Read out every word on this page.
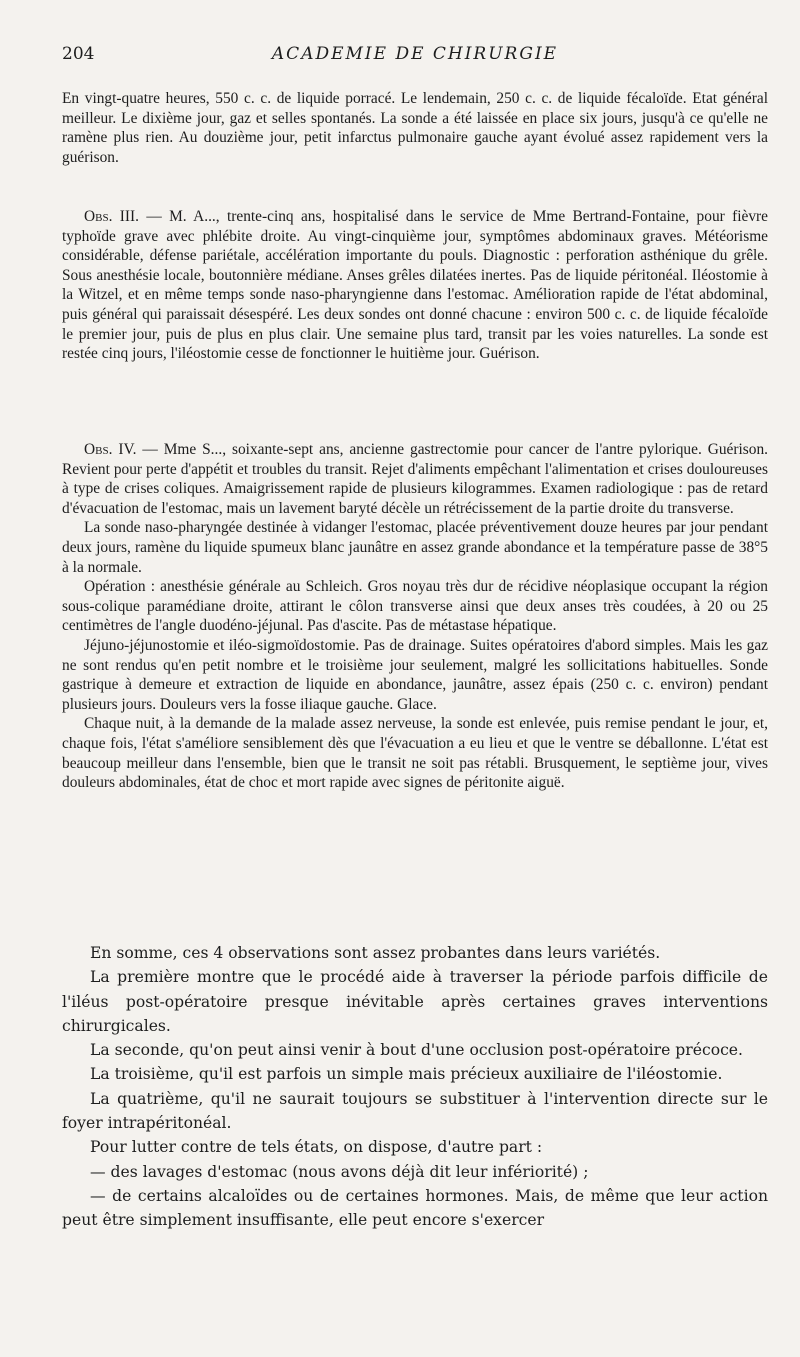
204	ACADEMIE DE CHIRURGIE

En vingt-quatre heures, 550 c. c. de liquide porracé. Le lendemain, 250 c. c. de liquide fécaloïde. Etat général meilleur. Le dixième jour, gaz et selles spontanés. La sonde a été laissée en place six jours, jusqu'à ce qu'elle ne ramène plus rien. Au douzième jour, petit infarctus pulmonaire gauche ayant évolué assez rapidement vers la guérison.

Obs. III. — M. A..., trente-cinq ans, hospitalisé dans le service de Mme Bertrand-Fontaine, pour fièvre typhoïde grave avec phlébite droite. Au vingt-cinquième jour, symptômes abdominaux graves. Météorisme considérable, défense pariétale, accélération importante du pouls. Diagnostic : perforation asthénique du grêle. Sous anesthésie locale, boutonnière médiane. Anses grêles dilatées inertes. Pas de liquide péritonéal. Iléostomie à la Witzel, et en même temps sonde naso-pharyngienne dans l'estomac. Amélioration rapide de l'état abdominal, puis général qui paraissait désespéré. Les deux sondes ont donné chacune : environ 500 c. c. de liquide fécaloïde le premier jour, puis de plus en plus clair. Une semaine plus tard, transit par les voies naturelles. La sonde est restée cinq jours, l'iléostomie cesse de fonctionner le huitième jour. Guérison.

Obs. IV. — Mme S..., soixante-sept ans, ancienne gastrectomie pour cancer de l'antre pylorique. Guérison. Revient pour perte d'appétit et troubles du transit. Rejet d'aliments empêchant l'alimentation et crises douloureuses à type de crises coliques. Amaigrissement rapide de plusieurs kilogrammes. Examen radiologique : pas de retard d'évacuation de l'estomac, mais un lavement baryté décèle un rétrécissement de la partie droite du transverse.

La sonde naso-pharyngée destinée à vidanger l'estomac, placée préventivement douze heures par jour pendant deux jours, ramène du liquide spumeux blanc jaunâtre en assez grande abondance et la température passe de 38°5 à la normale.

Opération : anesthésie générale au Schleich. Gros noyau très dur de récidive néoplasique occupant la région sous-colique paramédiane droite, attirant le côlon transverse ainsi que deux anses très coudées, à 20 ou 25 centimètres de l'angle duodéno-jéjunal. Pas d'ascite. Pas de métastase hépatique.

Jéjuno-jéjunostomie et iléo-sigmoïdostomie. Pas de drainage. Suites opératoires d'abord simples. Mais les gaz ne sont rendus qu'en petit nombre et le troisième jour seulement, malgré les sollicitations habituelles. Sonde gastrique à demeure et extraction de liquide en abondance, jaunâtre, assez épais (250 c. c. environ) pendant plusieurs jours. Douleurs vers la fosse iliaque gauche. Glace.

Chaque nuit, à la demande de la malade assez nerveuse, la sonde est enlevée, puis remise pendant le jour, et, chaque fois, l'état s'améliore sensiblement dès que l'évacuation a eu lieu et que le ventre se déballonne. L'état est beaucoup meilleur dans l'ensemble, bien que le transit ne soit pas rétabli. Brusquement, le septième jour, vives douleurs abdominales, état de choc et mort rapide avec signes de péritonite aiguë.

En somme, ces 4 observations sont assez probantes dans leurs variétés.

La première montre que le procédé aide à traverser la période parfois difficile de l'iléus post-opératoire presque inévitable après certaines graves interventions chirurgicales.

La seconde, qu'on peut ainsi venir à bout d'une occlusion post-opératoire précoce.

La troisième, qu'il est parfois un simple mais précieux auxiliaire de l'iléostomie.

La quatrième, qu'il ne saurait toujours se substituer à l'intervention directe sur le foyer intrapéritonéal.

Pour lutter contre de tels états, on dispose, d'autre part :

— des lavages d'estomac (nous avons déjà dit leur infériorité) ;

— de certains alcaloïdes ou de certaines hormones. Mais, de même que leur action peut être simplement insuffisante, elle peut encore s'exercer
